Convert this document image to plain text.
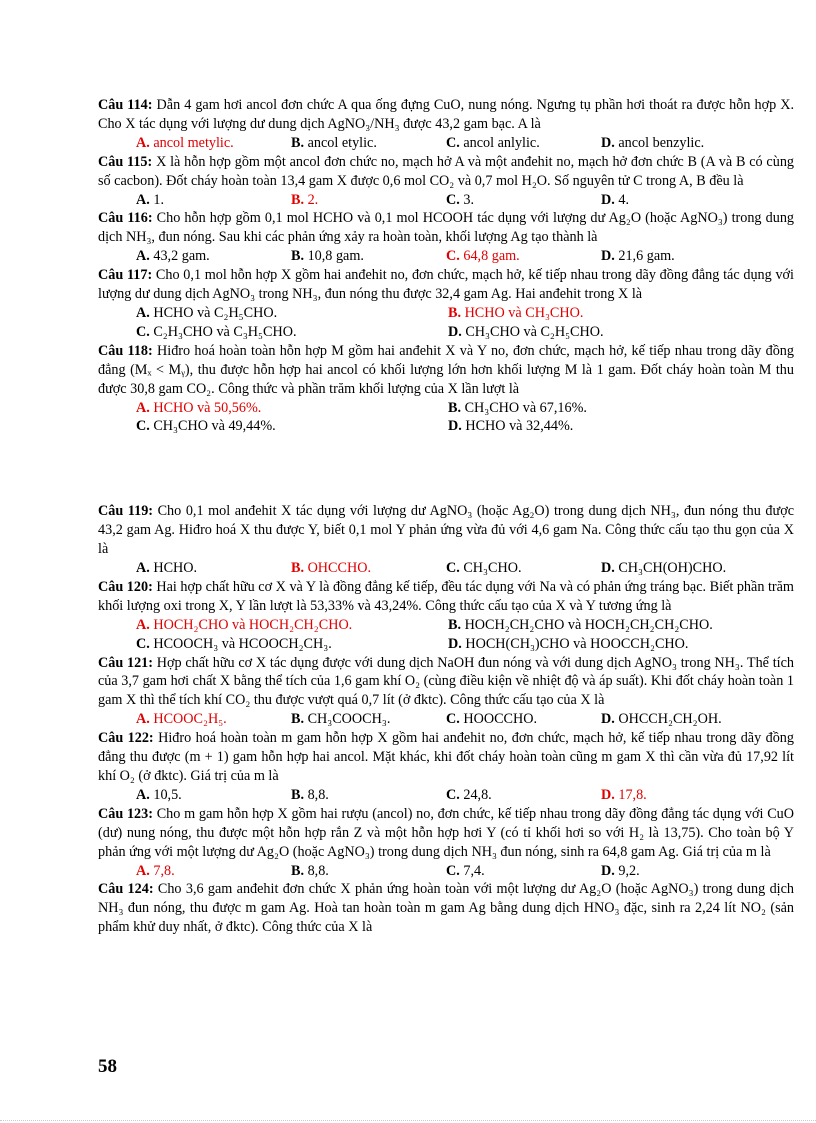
Câu 114: Dẫn 4 gam hơi ancol đơn chức A qua ống đựng CuO, nung nóng. Ngưng tụ phần hơi thoát ra được hỗn hợp X. Cho X tác dụng với lượng dư dung dịch AgNO₃/NH₃ được 43,2 gam bạc. A là
A. ancol metylic.	B. ancol etylic.	C. ancol anlylic.	D. ancol benzylic.
Câu 115: X là hỗn hợp gồm một ancol đơn chức no, mạch hở A và một anđehit no, mạch hở đơn chức B (A và B có cùng số cacbon). Đốt cháy hoàn toàn 13,4 gam X được 0,6 mol CO₂ và 0,7 mol H₂O. Số nguyên tử C trong A, B đều là
A. 1.	B. 2.	C. 3.	D. 4.
Câu 116: Cho hỗn hợp gồm 0,1 mol HCHO và 0,1 mol HCOOH tác dụng với lượng dư Ag₂O (hoặc AgNO₃) trong dung dịch NH₃, đun nóng. Sau khi các phản ứng xảy ra hoàn toàn, khối lượng Ag tạo thành là
A. 43,2 gam.	B. 10,8 gam.	C. 64,8 gam.	D. 21,6 gam.
Câu 117: Cho 0,1 mol hỗn hợp X gồm hai anđehit no, đơn chức, mạch hở, kế tiếp nhau trong dãy đồng đẳng tác dụng với lượng dư dung dịch AgNO₃ trong NH₃, đun nóng thu được 32,4 gam Ag. Hai anđehit trong X là
A. HCHO và C₂H₅CHO.	B. HCHO và CH₃CHO.
C. C₂H₃CHO và C₃H₅CHO.	D. CH₃CHO và C₂H₅CHO.
Câu 118: Hiđro hoá hoàn toàn hỗn hợp M gồm hai anđehit X và Y no, đơn chức, mạch hở, kế tiếp nhau trong dãy đồng đẳng (Mₓ < Mᵧ), thu được hỗn hợp hai ancol có khối lượng lớn hơn khối lượng M là 1 gam. Đốt cháy hoàn toàn M thu được 30,8 gam CO₂. Công thức và phần trăm khối lượng của X lần lượt là
A. HCHO và 50,56%.	B. CH₃CHO và 67,16%.
C. CH₃CHO và 49,44%.	D. HCHO và 32,44%.
Câu 119: Cho 0,1 mol anđehit X tác dụng với lượng dư AgNO₃ (hoặc Ag₂O) trong dung dịch NH₃, đun nóng thu được 43,2 gam Ag. Hiđro hoá X thu được Y, biết 0,1 mol Y phản ứng vừa đủ với 4,6 gam Na. Công thức cấu tạo thu gọn của X là
A. HCHO.	B. OHCCHO.	C. CH₃CHO.	D. CH₃CH(OH)CHO.
Câu 120: Hai hợp chất hữu cơ X và Y là đồng đẳng kế tiếp, đều tác dụng với Na và có phản ứng tráng bạc. Biết phần trăm khối lượng oxi trong X, Y lần lượt là 53,33% và 43,24%. Công thức cấu tạo của X và Y tương ứng là
A. HOCH₂CHO và HOCH₂CH₂CHO.	B. HOCH₂CH₂CHO và HOCH₂CH₂CH₂CHO.
C. HCOOCH₃ và HCOOCH₂CH₃.	D. HOCH(CH₃)CHO và HOOCCH₂CHO.
Câu 121: Hợp chất hữu cơ X tác dụng được với dung dịch NaOH đun nóng và với dung dịch AgNO₃ trong NH₃. Thể tích của 3,7 gam hơi chất X bằng thể tích của 1,6 gam khí O₂ (cùng điều kiện về nhiệt độ và áp suất). Khi đốt cháy hoàn toàn 1 gam X thì thể tích khí CO₂ thu được vượt quá 0,7 lít (ở đktc). Công thức cấu tạo của X là
A. HCOOC₂H₅.	B. CH₃COOCH₃.	C. HOOCCHO.	D. OHCCH₂CH₂OH.
Câu 122: Hiđro hoá hoàn toàn m gam hỗn hợp X gồm hai anđehit no, đơn chức, mạch hở, kế tiếp nhau trong dãy đồng đẳng thu được (m + 1) gam hỗn hợp hai ancol. Mặt khác, khi đốt cháy hoàn toàn cũng m gam X thì cần vừa đủ 17,92 lít khí O₂ (ở đktc). Giá trị của m là
A. 10,5.	B. 8,8.	C. 24,8.	D. 17,8.
Câu 123: Cho m gam hỗn hợp X gồm hai rượu (ancol) no, đơn chức, kế tiếp nhau trong dãy đồng đẳng tác dụng với CuO (dư) nung nóng, thu được một hỗn hợp rắn Z và một hỗn hợp hơi Y (có tỉ khối hơi so với H₂ là 13,75). Cho toàn bộ Y phản ứng với một lượng dư Ag₂O (hoặc AgNO₃) trong dung dịch NH₃ đun nóng, sinh ra 64,8 gam Ag. Giá trị của m là
A. 7,8.	B. 8,8.	C. 7,4.	D. 9,2.
Câu 124: Cho 3,6 gam anđehit đơn chức X phản ứng hoàn toàn với một lượng dư Ag₂O (hoặc AgNO₃) trong dung dịch NH₃ đun nóng, thu được m gam Ag. Hoà tan hoàn toàn m gam Ag bằng dung dịch HNO₃ đặc, sinh ra 2,24 lít NO₂ (sản phẩm khử duy nhất, ở đktc). Công thức của X là
58
